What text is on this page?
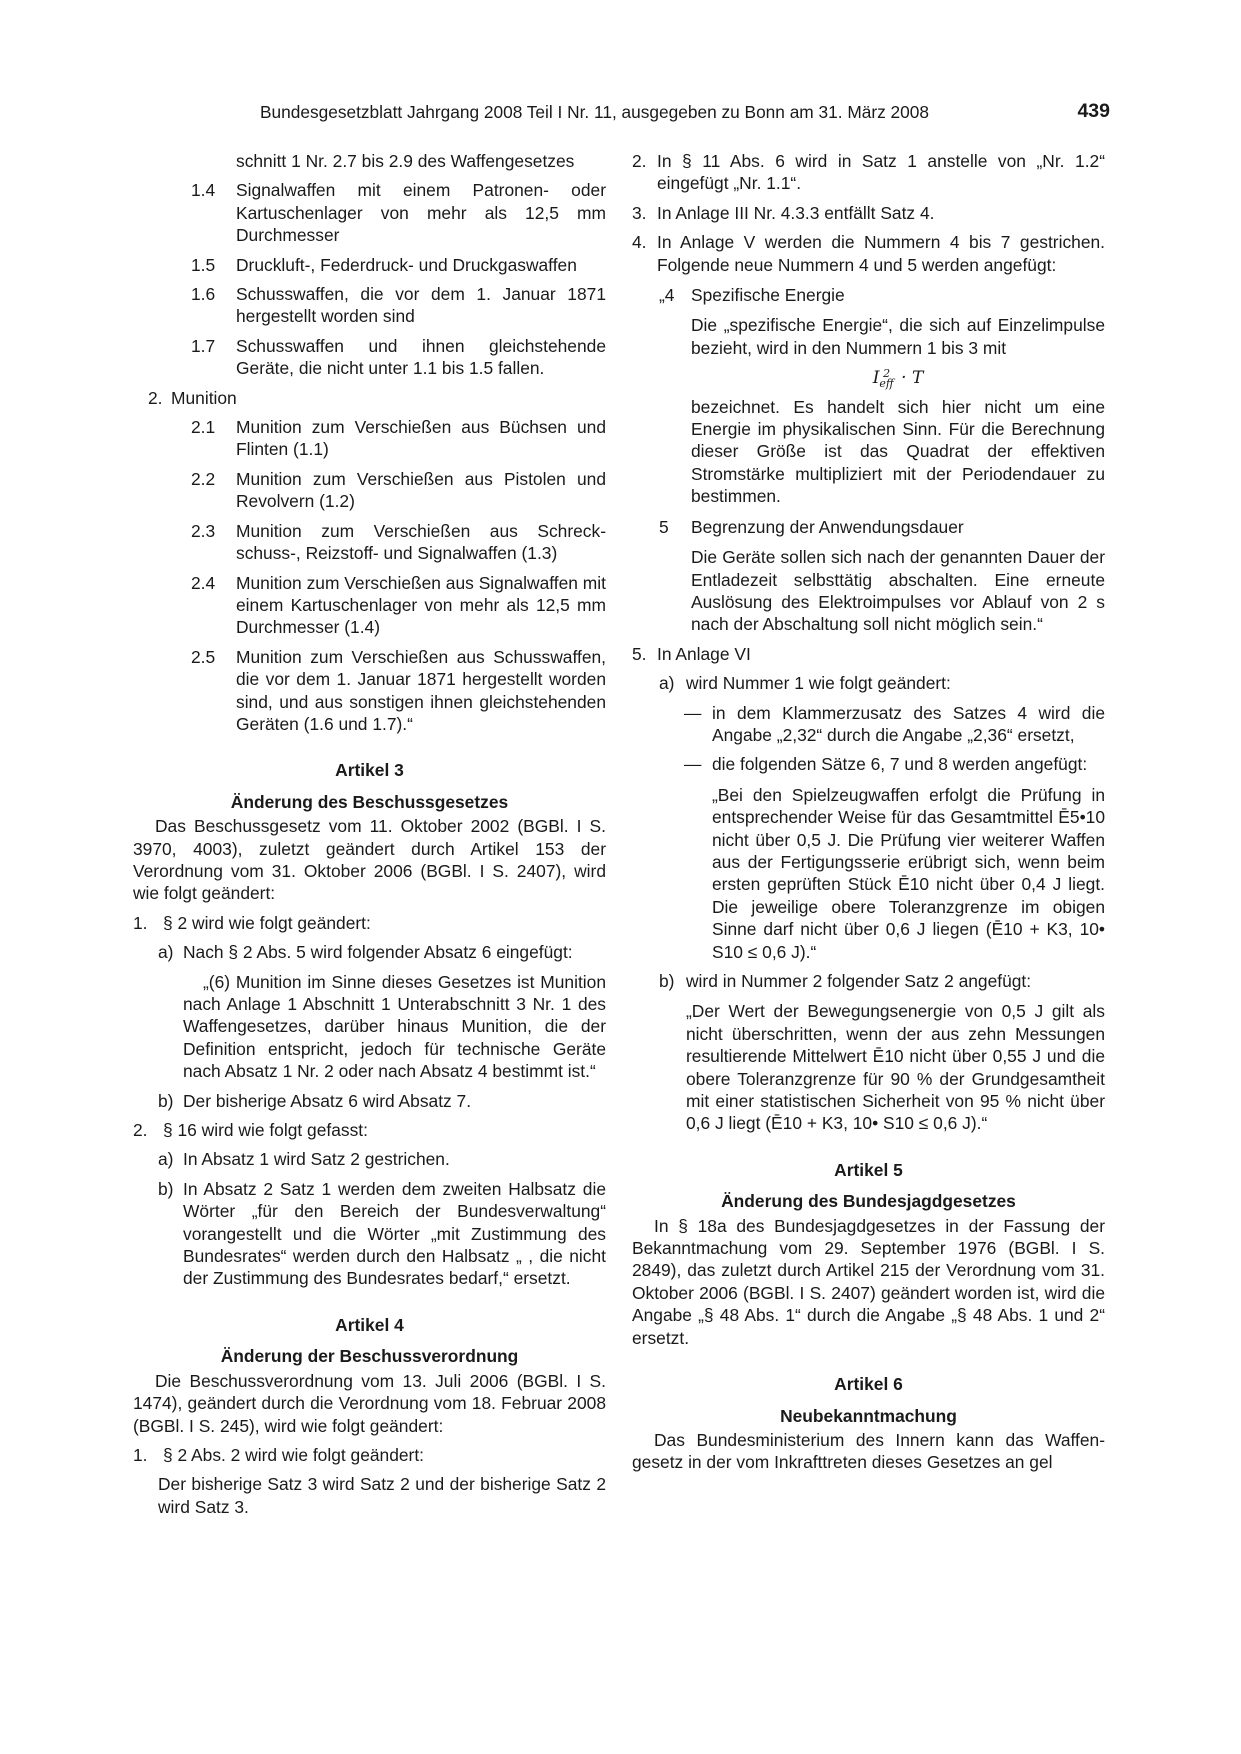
Bundesgesetzblatt Jahrgang 2008 Teil I Nr. 11, ausgegeben zu Bonn am 31. März 2008	439
schnitt 1 Nr. 2.7 bis 2.9 des Waffengesetzes
1.4	Signalwaffen mit einem Patronen- oder Kartuschenlager von mehr als 12,5 mm Durchmesser
1.5	Druckluft-, Federdruck- und Druckgaswaffen
1.6	Schusswaffen, die vor dem 1. Januar 1871 hergestellt worden sind
1.7	Schusswaffen und ihnen gleichstehende Geräte, die nicht unter 1.1 bis 1.5 fallen.
2. Munition
2.1	Munition zum Verschießen aus Büchsen und Flinten (1.1)
2.2	Munition zum Verschießen aus Pistolen und Revolvern (1.2)
2.3	Munition zum Verschießen aus Schreckschuss-, Reizstoff- und Signalwaffen (1.3)
2.4	Munition zum Verschießen aus Signalwaffen mit einem Kartuschenlager von mehr als 12,5 mm Durchmesser (1.4)
2.5	Munition zum Verschießen aus Schusswaffen, die vor dem 1. Januar 1871 hergestellt worden sind, und aus sonstigen ihnen gleichstehenden Geräten (1.6 und 1.7).“
Artikel 3
Änderung des Beschussgesetzes
Das Beschussgesetz vom 11. Oktober 2002 (BGBl. I S. 3970, 4003), zuletzt geändert durch Artikel 153 der Verordnung vom 31. Oktober 2006 (BGBl. I S. 2407), wird wie folgt geändert:
1. § 2 wird wie folgt geändert:
a) Nach § 2 Abs. 5 wird folgender Absatz 6 eingefügt:
„(6) Munition im Sinne dieses Gesetzes ist Munition nach Anlage 1 Abschnitt 1 Unterabschnitt 3 Nr. 1 des Waffengesetzes, darüber hinaus Munition, die der Definition entspricht, jedoch für technische Geräte nach Absatz 1 Nr. 2 oder nach Absatz 4 bestimmt ist.“
b) Der bisherige Absatz 6 wird Absatz 7.
2. § 16 wird wie folgt gefasst:
a) In Absatz 1 wird Satz 2 gestrichen.
b) In Absatz 2 Satz 1 werden dem zweiten Halbsatz die Wörter „für den Bereich der Bundesverwaltung“ vorangestellt und die Wörter „mit Zustimmung des Bundesrates“ werden durch den Halbsatz „ , die nicht der Zustimmung des Bundesrates bedarf,“ ersetzt.
Artikel 4
Änderung der Beschussverordnung
Die Beschussverordnung vom 13. Juli 2006 (BGBl. I S. 1474), geändert durch die Verordnung vom 18. Februar 2008 (BGBl. I S. 245), wird wie folgt geändert:
1. § 2 Abs. 2 wird wie folgt geändert:
Der bisherige Satz 3 wird Satz 2 und der bisherige Satz 2 wird Satz 3.
2. In § 11 Abs. 6 wird in Satz 1 anstelle von „Nr. 1.2“ eingefügt „Nr. 1.1“.
3. In Anlage III Nr. 4.3.3 entfällt Satz 4.
4. In Anlage V werden die Nummern 4 bis 7 gestrichen. Folgende neue Nummern 4 und 5 werden angefügt:
„4 Spezifische Energie
Die „spezifische Energie“, die sich auf Einzelimpulse bezieht, wird in den Nummern 1 bis 3 mit
I 2
eff · T
bezeichnet. Es handelt sich hier nicht um eine Energie im physikalischen Sinn. Für die Berechnung dieser Größe ist das Quadrat der effektiven Stromstärke multipliziert mit der Periodendauer zu bestimmen.
5	Begrenzung der Anwendungsdauer
Die Geräte sollen sich nach der genannten Dauer der Entladezeit selbsttätig abschalten. Eine erneute Auslösung des Elektroimpulses vor Ablauf von 2 s nach der Abschaltung soll nicht möglich sein.“
5. In Anlage VI
a) wird Nummer 1 wie folgt geändert:
— in dem Klammerzusatz des Satzes 4 wird die Angabe „2,32“ durch die Angabe „2,36“ ersetzt,
— die folgenden Sätze 6, 7 und 8 werden angefügt:
„Bei den Spielzeugwaffen erfolgt die Prüfung in entsprechender Weise für das Gesamtmittel Ē5•10 nicht über 0,5 J. Die Prüfung vier weiterer Waffen aus der Fertigungsserie erübrigt sich, wenn beim ersten geprüften Stück Ē10 nicht über 0,4 J liegt. Die jeweilige obere Toleranzgrenze im obigen Sinne darf nicht über 0,6 J liegen (Ē10 + K3, 10• S10 ≤ 0,6 J).“
b) wird in Nummer 2 folgender Satz 2 angefügt:
„Der Wert der Bewegungsenergie von 0,5 J gilt als nicht überschritten, wenn der aus zehn Messungen resultierende Mittelwert Ē10 nicht über 0,55 J und die obere Toleranzgrenze für 90 % der Grundgesamtheit mit einer statistischen Sicherheit von 95 % nicht über 0,6 J liegt (Ē10 + K3, 10• S10 ≤ 0,6 J).“
Artikel 5
Änderung des Bundesjagdgesetzes
In § 18a des Bundesjagdgesetzes in der Fassung der Bekanntmachung vom 29. September 1976 (BGBl. I S. 2849), das zuletzt durch Artikel 215 der Verordnung vom 31. Oktober 2006 (BGBl. I S. 2407) geändert worden ist, wird die Angabe „§ 48 Abs. 1“ durch die Angabe „§ 48 Abs. 1 und 2“ ersetzt.
Artikel 6
Neubekanntmachung
Das Bundesministerium des Innern kann das Waffengesetz in der vom Inkrafttreten dieses Gesetzes an gel
